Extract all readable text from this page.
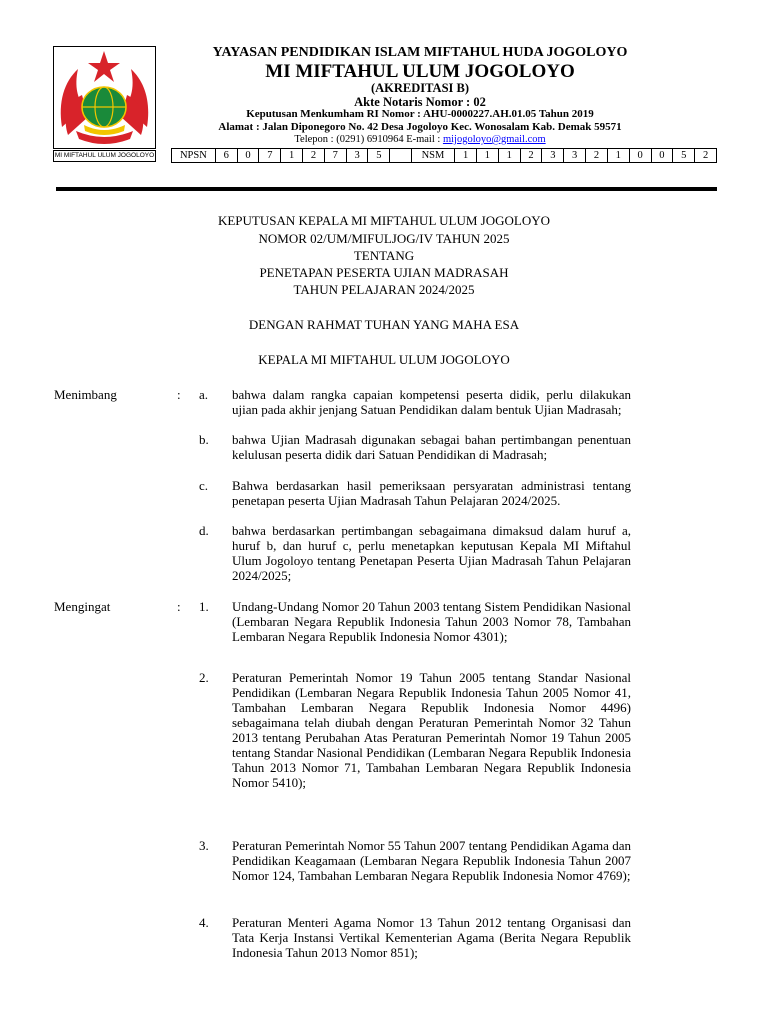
MI MIFTAHUL ULUM JOGOLOYO
YAYASAN PENDIDIKAN ISLAM MIFTAHUL HUDA JOGOLOYO
MI MIFTAHUL ULUM JOGOLOYO
(AKREDITASI B)
Akte Notaris Nomor : 02
Keputusan Menkumham RI Nomor : AHU-0000227.AH.01.05 Tahun 2019
Alamat : Jalan Diponegoro No. 42 Desa Jogoloyo Kec. Wonosalam Kab. Demak 59571
Telepon : (0291) 6910964 E-mail : mijogoloyo@gmail.com
NPSN	6	0	7	1	2	7	3	5		NSM	1	1	1	2	3	3	2	1	0	0	5	2
KEPUTUSAN KEPALA MI MIFTAHUL ULUM JOGOLOYO
NOMOR 02/UM/MIFULJOG/IV TAHUN 2025
TENTANG
PENETAPAN PESERTA UJIAN MADRASAH
TAHUN PELAJARAN 2024/2025
DENGAN RAHMAT TUHAN YANG MAHA ESA
KEPALA MI MIFTAHUL ULUM JOGOLOYO
Menimbang	: a. bahwa dalam rangka capaian kompetensi peserta didik, perlu dilakukan ujian pada akhir jenjang Satuan Pendidikan dalam bentuk Ujian Madrasah;
b. bahwa Ujian Madrasah digunakan sebagai bahan pertimbangan penentuan kelulusan peserta didik dari Satuan Pendidikan di Madrasah;
c. Bahwa berdasarkan hasil pemeriksaan persyaratan administrasi tentang penetapan peserta Ujian Madrasah Tahun Pelajaran 2024/2025.
d. bahwa berdasarkan pertimbangan sebagaimana dimaksud dalam huruf a, huruf b, dan huruf c, perlu menetapkan keputusan Kepala MI Miftahul Ulum Jogoloyo tentang Penetapan Peserta Ujian Madrasah Tahun Pelajaran 2024/2025;
Mengingat	: 1. Undang-Undang Nomor 20 Tahun 2003 tentang Sistem Pendidikan Nasional (Lembaran Negara Republik Indonesia Tahun 2003 Nomor 78, Tambahan Lembaran Negara Republik Indonesia Nomor 4301);
2. Peraturan Pemerintah Nomor 19 Tahun 2005 tentang Standar Nasional Pendidikan (Lembaran Negara Republik Indonesia Tahun 2005 Nomor 41, Tambahan Lembaran Negara Republik Indonesia Nomor 4496) sebagaimana telah diubah dengan Peraturan Pemerintah Nomor 32 Tahun 2013 tentang Perubahan Atas Peraturan Pemerintah Nomor 19 Tahun 2005 tentang Standar Nasional Pendidikan (Lembaran Negara Republik Indonesia Tahun 2013 Nomor 71, Tambahan Lembaran Negara Republik Indonesia Nomor 5410);
3. Peraturan Pemerintah Nomor 55 Tahun 2007 tentang Pendidikan Agama dan Pendidikan Keagamaan (Lembaran Negara Republik Indonesia Tahun 2007 Nomor 124, Tambahan Lembaran Negara Republik Indonesia Nomor 4769);
4. Peraturan Menteri Agama Nomor 13 Tahun 2012 tentang Organisasi dan Tata Kerja Instansi Vertikal Kementerian Agama (Berita Negara Republik Indonesia Tahun 2013 Nomor 851);
